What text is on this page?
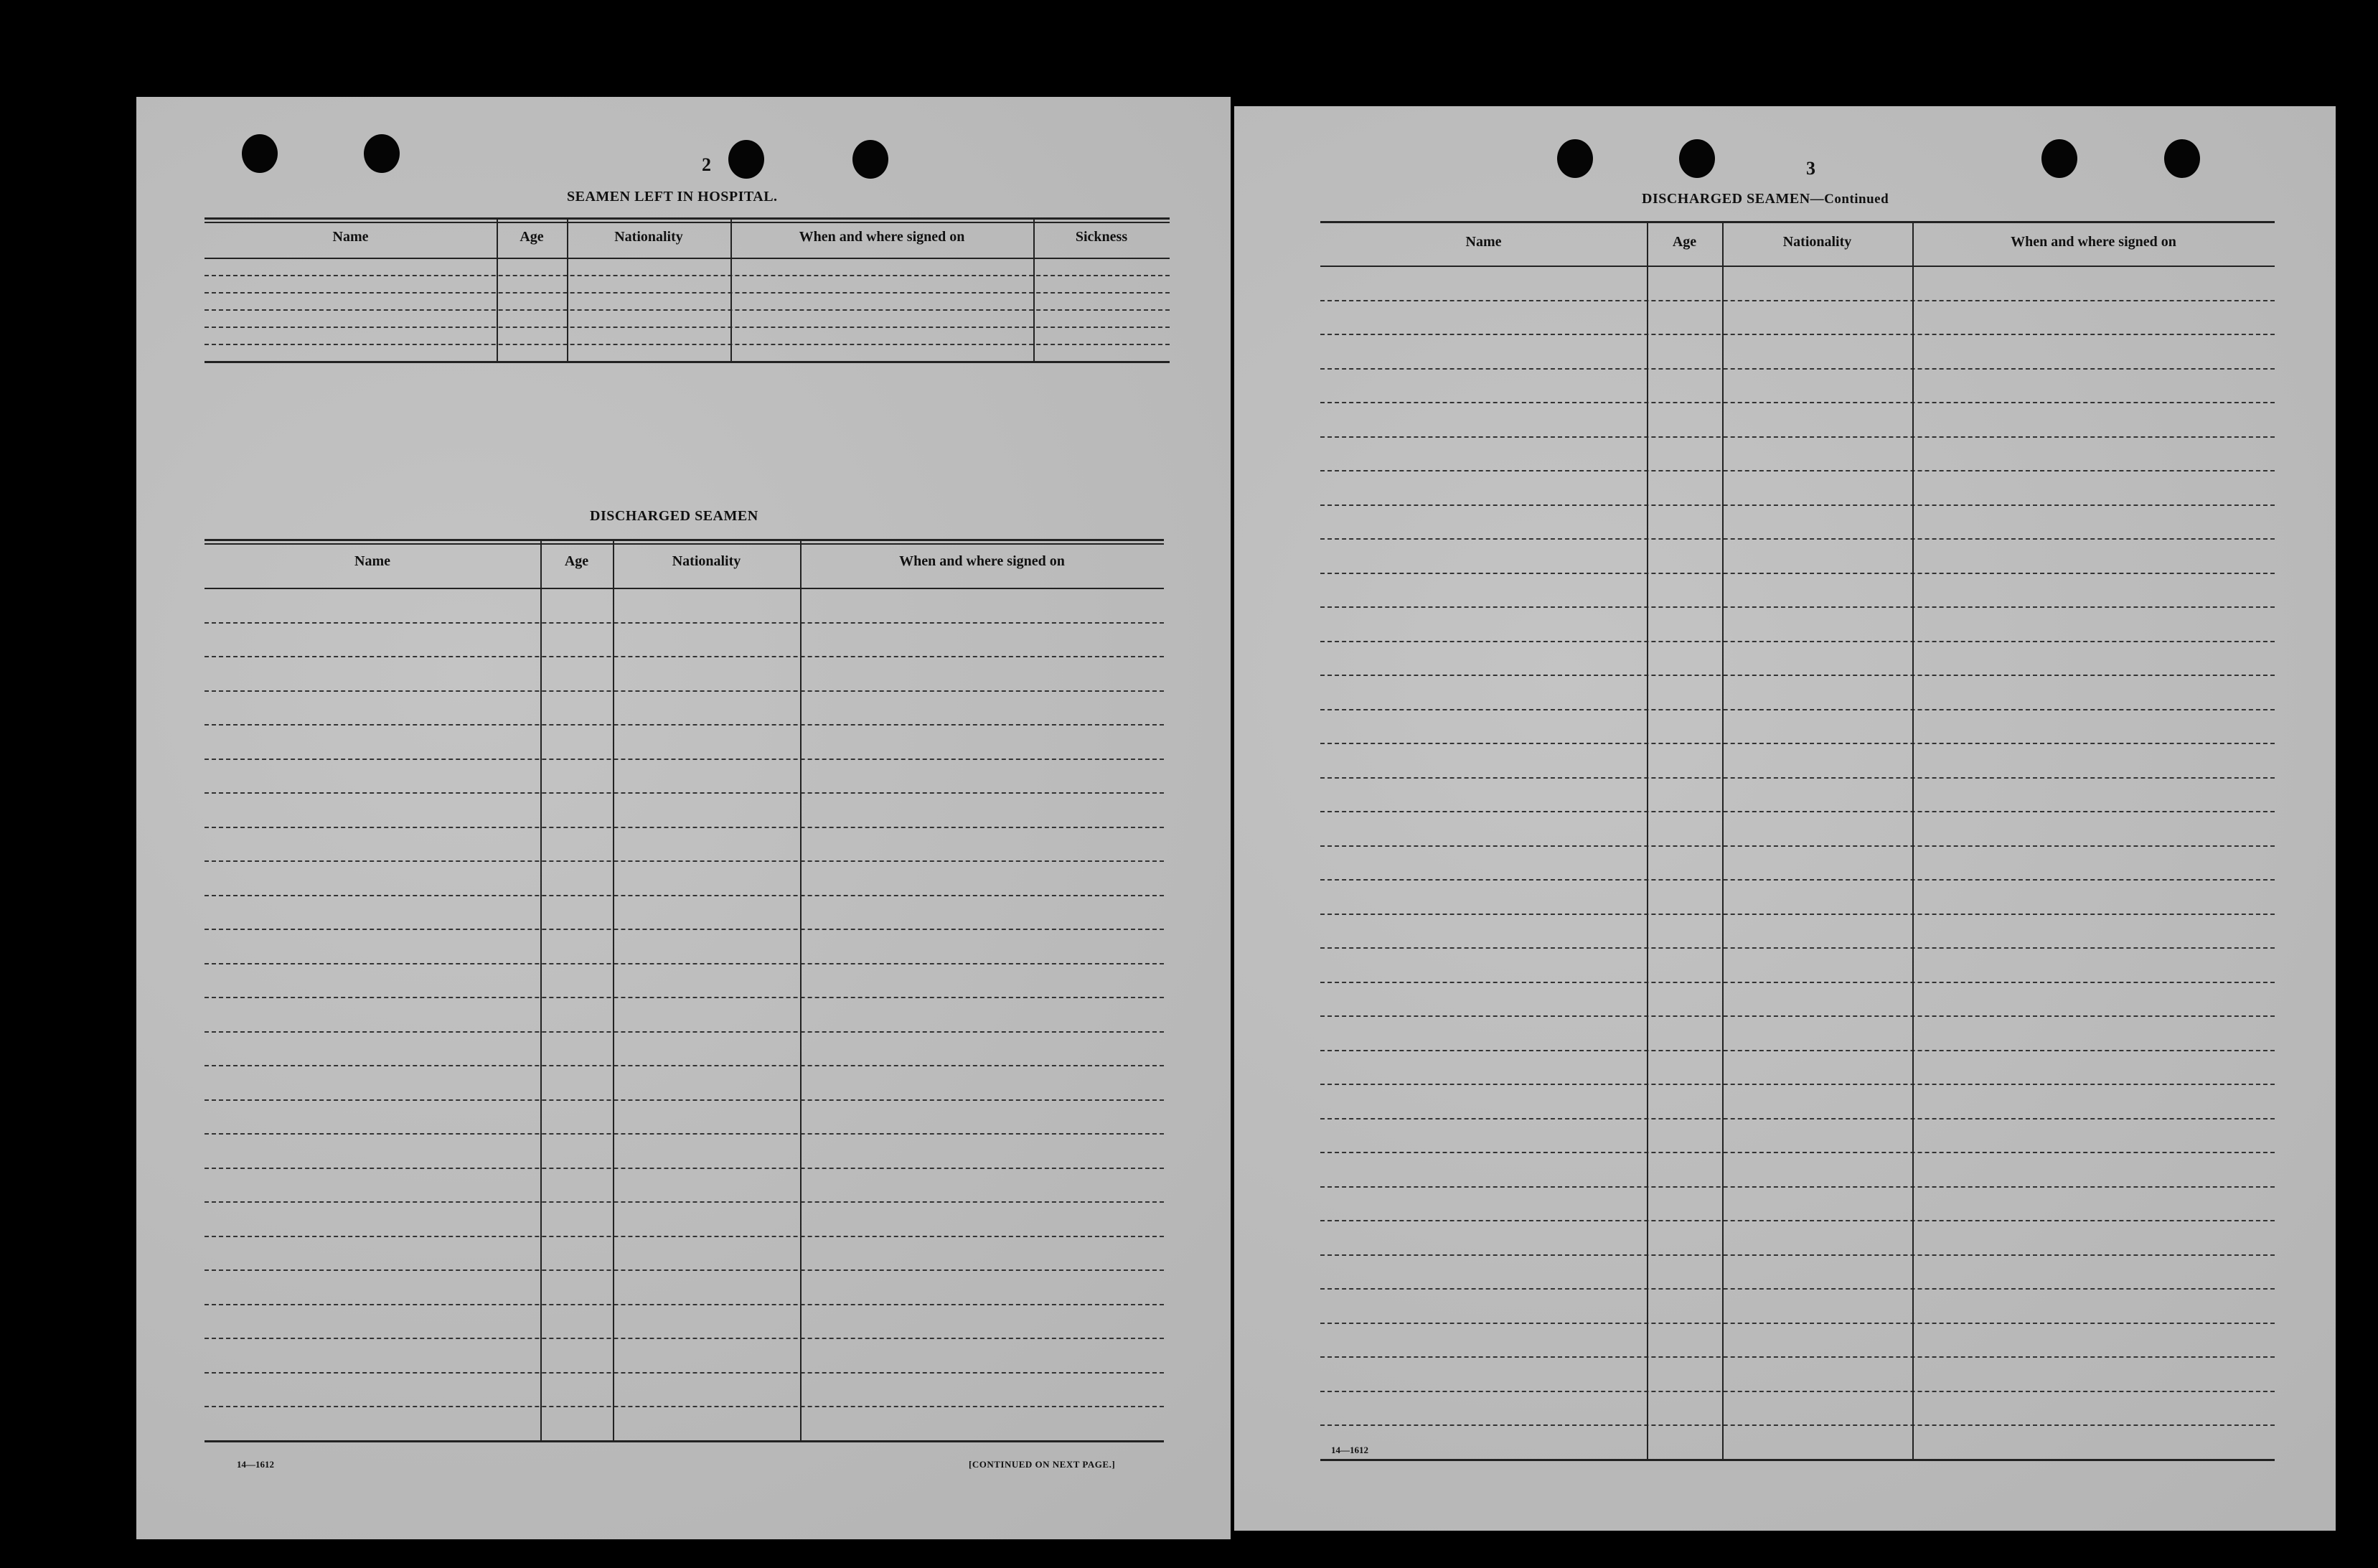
2
SEAMEN LEFT IN HOSPITAL.
Name	Age	Nationality	When and where signed on	Sickness
DISCHARGED SEAMEN
Name	Age	Nationality	When and where signed on
14—1612	[CONTINUED ON NEXT PAGE.]
3
DISCHARGED SEAMEN—Continued
Name	Age	Nationality	When and where signed on
14—1612
